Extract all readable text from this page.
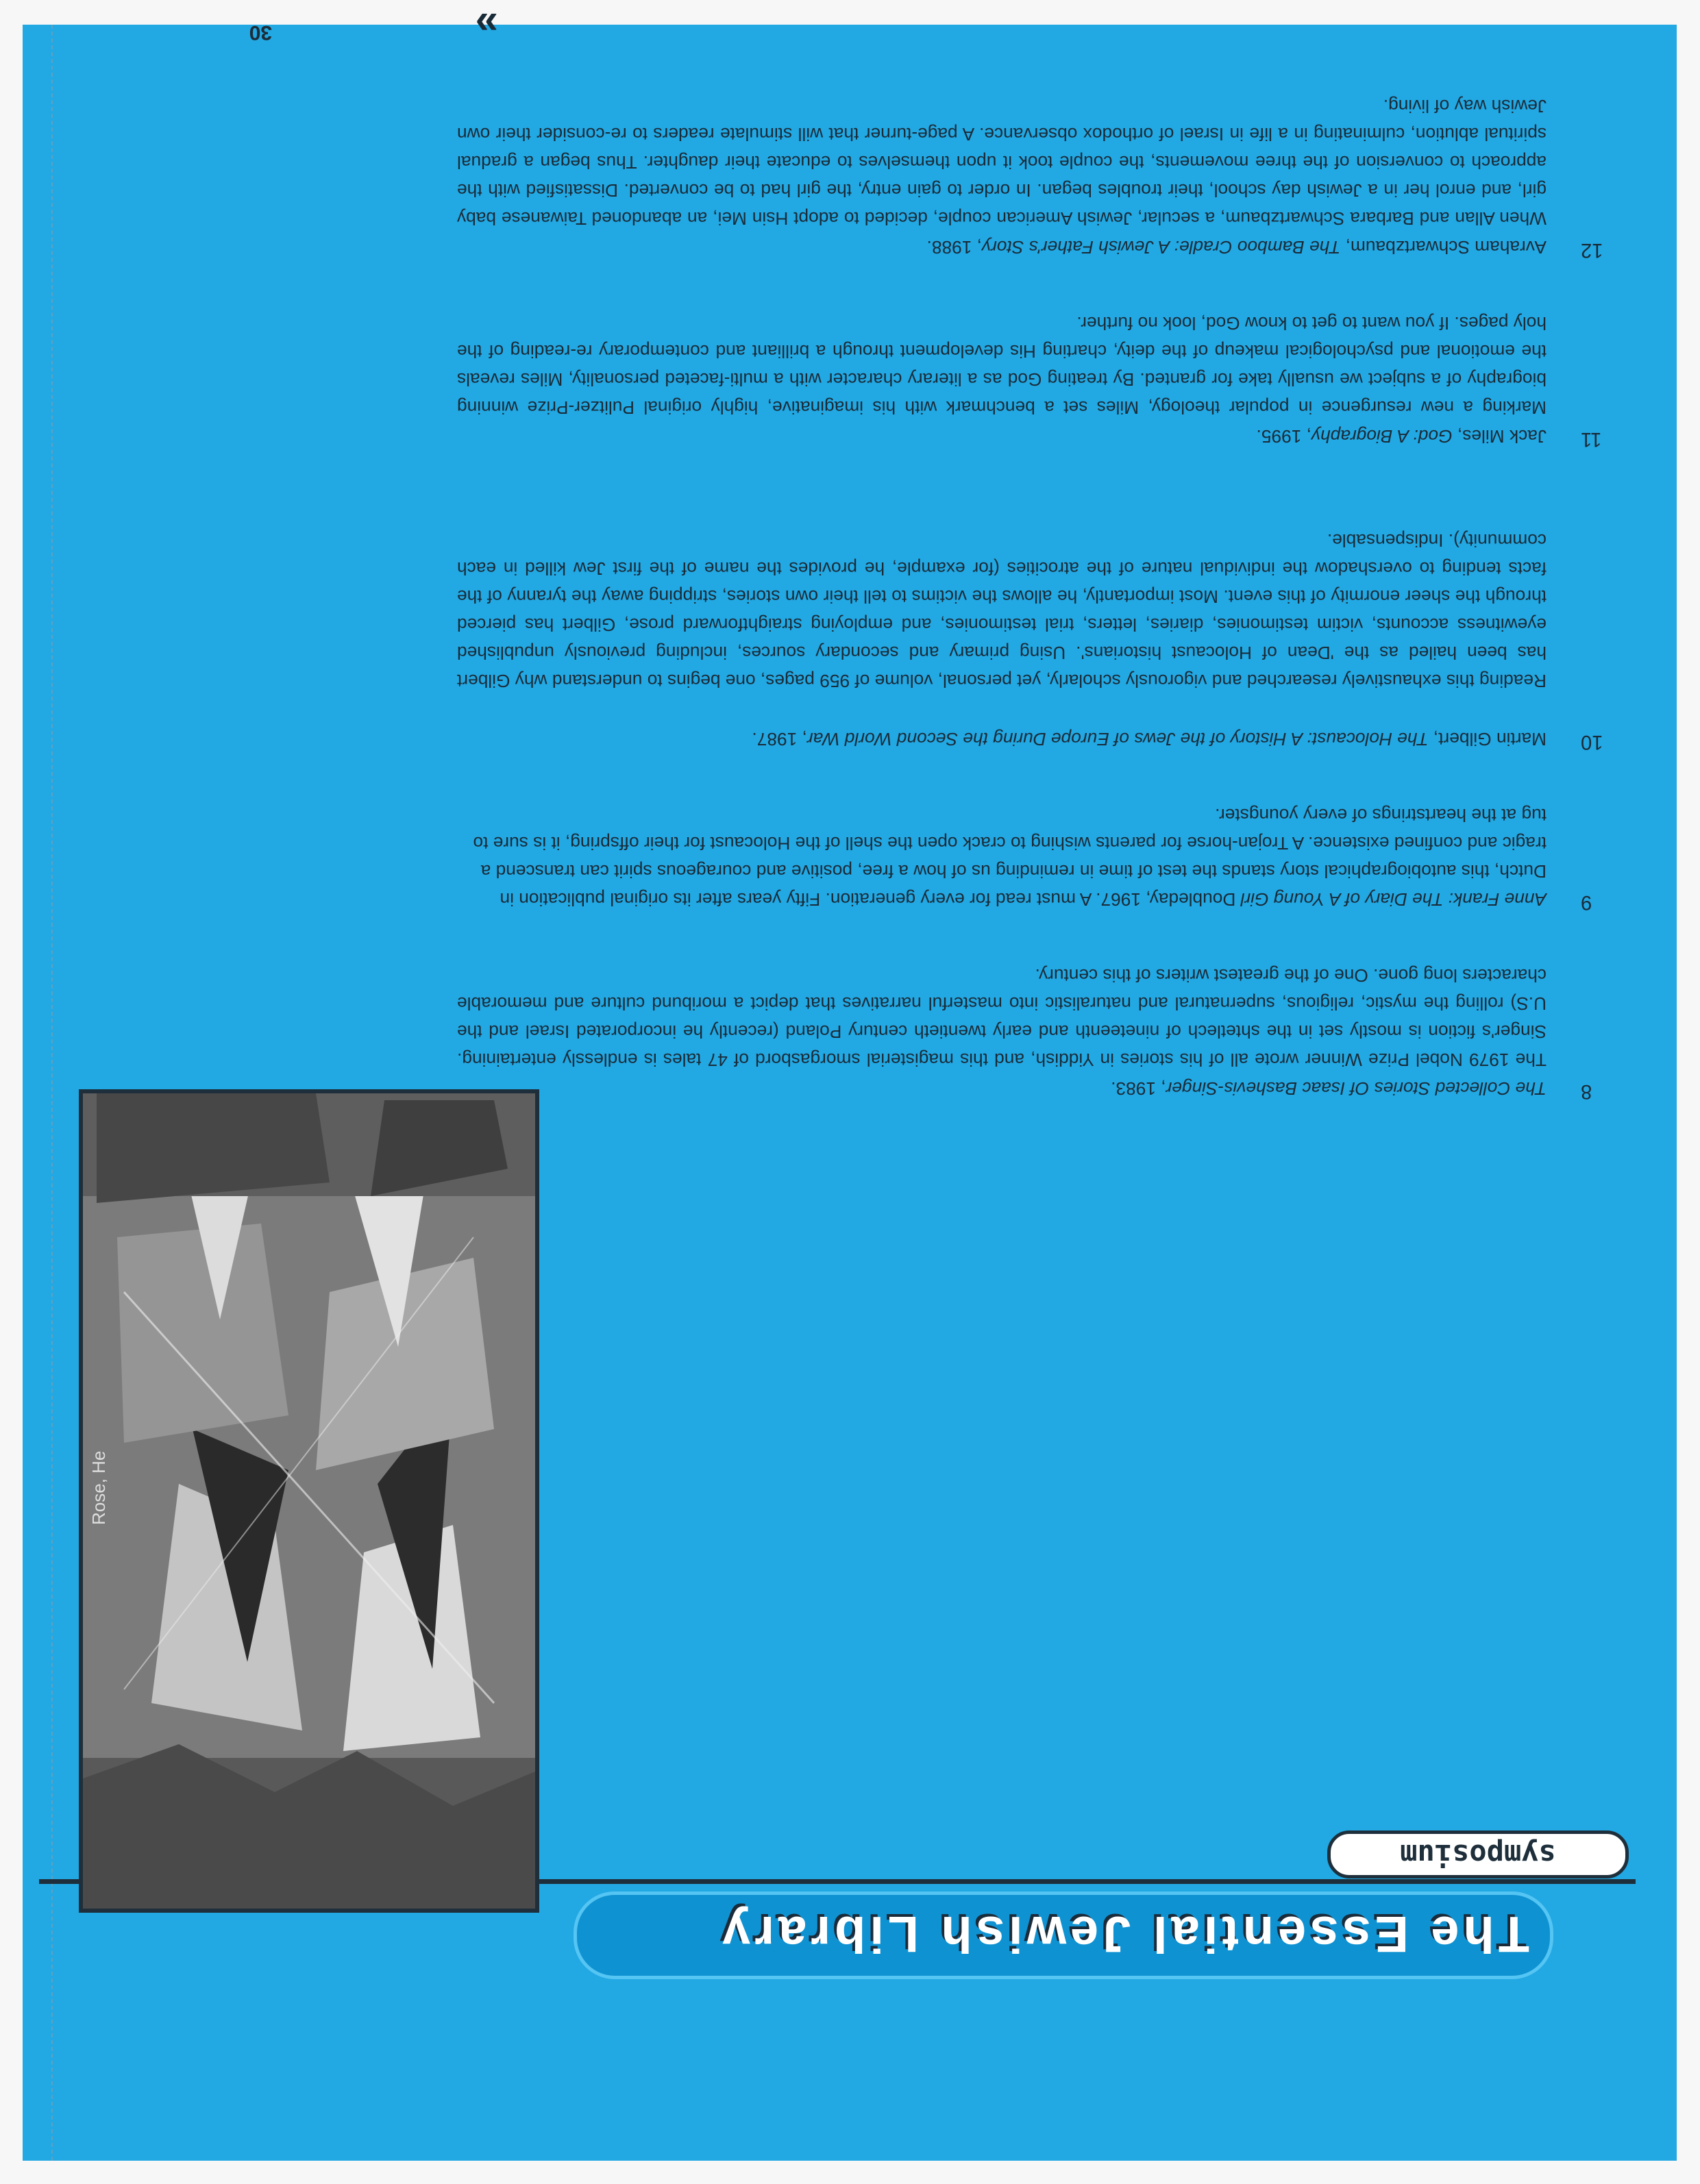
30
The Essential Jewish Library
symposium
Rose, He
8
The Collected Stories Of Isaac Bashevis-Singer, 1983.
The 1979 Nobel Prize Winner wrote all of his stories in Yiddish, and this magisterial smorgasbord of 47 tales is endlessly entertaining. Singer's fiction is mostly set in the shtetlech of nineteenth and early twentieth century Poland (recently he incorporated Israel and the U.S) rolling the mystic, religious, supernatural and naturalistic into masterful narratives that depict a moribund culture and memorable characters long gone. One of the greatest writers of this century.
9
Anne Frank: The Diary of A Young Girl Doubleday, 1967. A must read for every generation. Fifty years after its original publication in Dutch, this autobiographical story stands the test of time in reminding us of how a free, positive and courageous spirit can transcend a tragic and confined existence. A Trojan-horse for parents wishing to crack open the shell of the Holocaust for their offspring, it is sure to tug at the heartstrings of every youngster.
10
Martin Gilbert, The Holocaust: A History of the Jews of Europe During the Second World War, 1987.
Reading this exhaustively researched and vigorously scholarly, yet personal, volume of 959 pages, one begins to understand why Gilbert has been hailed as the 'Dean of Holocaust historians'. Using primary and secondary sources, including previously unpublished eyewitness accounts, victim testimonies, diaries, letters, trial testimonies, and employing straightforward prose, Gilbert has pierced through the sheer enormity of this event. Most importantly, he allows the victims to tell their own stories, stripping away the tyranny of the facts tending to overshadow the individual nature of the atrocities (for example, he provides the name of the first Jew killed in each community). Indispensable.
11
Jack Miles, God: A Biography, 1995.
Marking a new resurgence in popular theology, Miles set a benchmark with his imaginative, highly original Pulitzer-Prize winning biography of a subject we usually take for granted. By treating God as a literary character with a multi-faceted personality, Miles reveals the emotional and psychological makeup of the deity, charting His development through a brilliant and contemporary re-reading of the holy pages. If you want to get to know God, look no further.
12
Avraham Schwartzbaum, The Bamboo Cradle: A Jewish Father's Story, 1988.
When Allan and Barbara Schwartzbaum, a secular, Jewish American couple, decided to adopt Hsin Mei, an abandoned Taiwanese baby girl, and enrol her in a Jewish day school, their troubles began. In order to gain entry, the girl had to be converted. Dissatisfied with the approach to conversion of the three movements, the couple took it upon themselves to educate their daughter. Thus began a gradual spiritual ablution, culminating in a life in Israel of orthodox observance. A page-turner that will stimulate readers to re-consider their own Jewish way of living.
»
